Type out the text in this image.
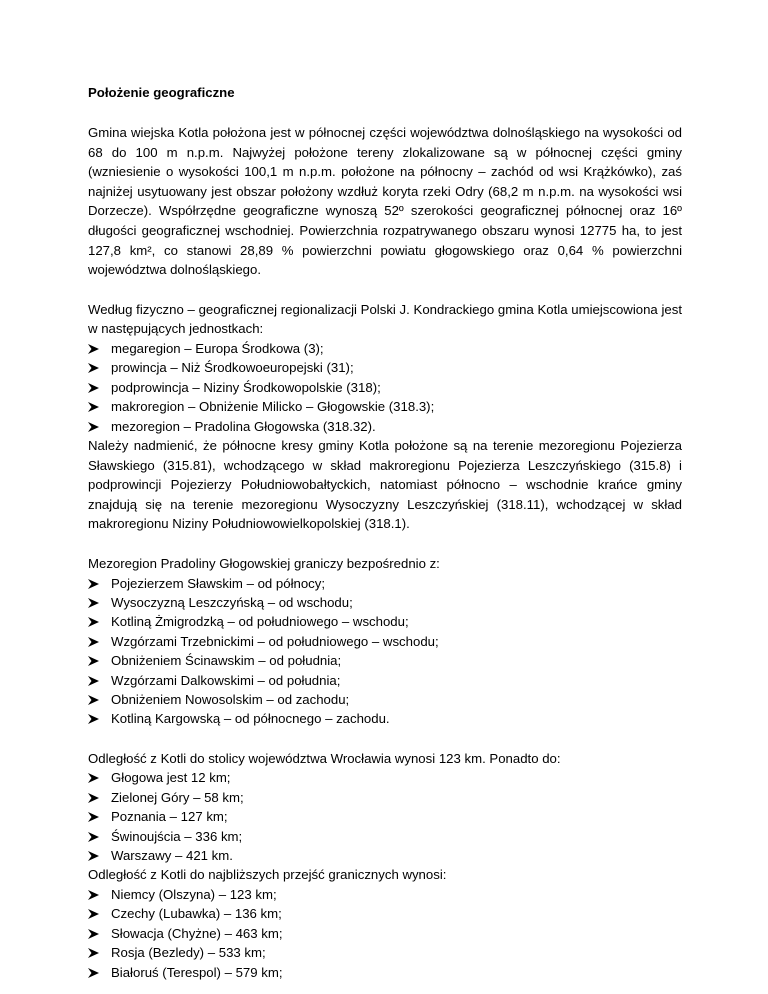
Położenie geograficzne

Gmina wiejska Kotla położona jest w północnej części województwa dolnośląskiego na wysokości od 68 do 100 m n.p.m. Najwyżej położone tereny zlokalizowane są w północnej części gminy (wzniesienie o wysokości 100,1 m n.p.m. położone na północny – zachód od wsi Krążkówko), zaś najniżej usytuowany jest obszar położony wzdłuż koryta rzeki Odry (68,2 m n.p.m. na wysokości wsi Dorzecze). Współrzędne geograficzne wynoszą 52º szerokości geograficznej północnej oraz 16º długości geograficznej wschodniej. Powierzchnia rozpatrywanego obszaru wynosi 12775 ha, to jest 127,8 km², co stanowi 28,89 % powierzchni powiatu głogowskiego oraz 0,64 % powierzchni województwa dolnośląskiego.

Według fizyczno – geograficznej regionalizacji Polski J. Kondrackiego gmina Kotla umiejscowiona jest w następujących jednostkach:

megaregion – Europa Środkowa (3);
prowincja – Niż Środkowoeuropejski (31);
podprowincja – Niziny Środkowopolskie (318);
makroregion – Obniżenie Milicko – Głogowskie (318.3);
mezoregion – Pradolina Głogowska (318.32).

Należy nadmienić, że północne kresy gminy Kotla położone są na terenie mezoregionu Pojezierza Sławskiego (315.81), wchodzącego w skład makroregionu Pojezierza Leszczyńskiego (315.8) i podprowincji Pojezierzy Południowobałtyckich, natomiast północno – wschodnie krańce gminy znajdują się na terenie mezoregionu Wysoczyzny Leszczyńskiej (318.11), wchodzącej w skład makroregionu Niziny Południowowielkopolskiej (318.1).

Mezoregion Pradoliny Głogowskiej graniczy bezpośrednio z:

Pojezierzem Sławskim – od północy;
Wysoczyzną Leszczyńską – od wschodu;
Kotliną Żmigrodzką – od południowego – wschodu;
Wzgórzami Trzebnickimi – od południowego – wschodu;
Obniżeniem Ścinawskim – od południa;
Wzgórzami Dalkowskimi – od południa;
Obniżeniem Nowosolskim – od zachodu;
Kotliną Kargowską – od północnego – zachodu.

Odległość z Kotli do stolicy województwa Wrocławia wynosi 123 km. Ponadto do:

Głogowa jest 12 km;
Zielonej Góry – 58 km;
Poznania – 127 km;
Świnoujścia – 336 km;
Warszawy – 421 km.

Odległość z Kotli do najbliższych przejść granicznych wynosi:

Niemcy (Olszyna) – 123 km;
Czechy (Lubawka) – 136 km;
Słowacja (Chyżne) – 463 km;
Rosja (Bezledy) – 533 km;
Białoruś (Terespol) – 579 km;
